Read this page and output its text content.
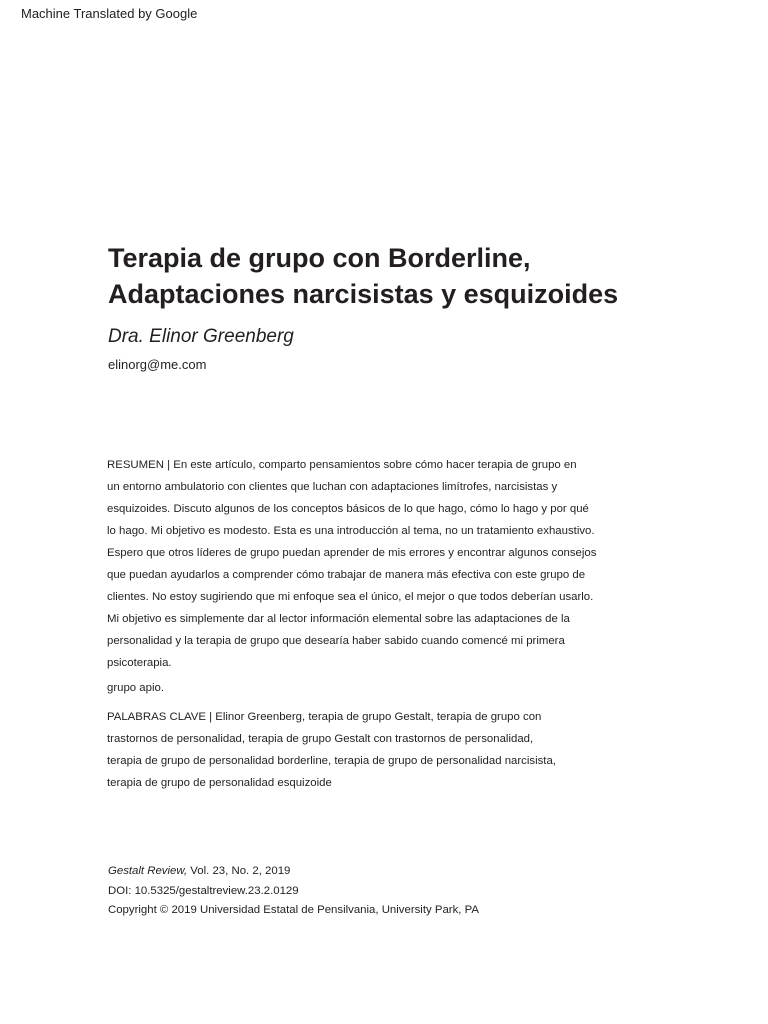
Machine Translated by Google
Terapia de grupo con Borderline,
Adaptaciones narcisistas y esquizoides
Dra. Elinor Greenberg
elinorg@me.com
RESUMEN | En este artículo, comparto pensamientos sobre cómo hacer terapia de grupo en
un entorno ambulatorio con clientes que luchan con adaptaciones limítrofes, narcisistas y
esquizoides. Discuto algunos de los conceptos básicos de lo que hago, cómo lo hago y por qué
lo hago. Mi objetivo es modesto. Esta es una introducción al tema, no un tratamiento exhaustivo.
Espero que otros líderes de grupo puedan aprender de mis errores y encontrar algunos consejos
que puedan ayudarlos a comprender cómo trabajar de manera más efectiva con este grupo de
clientes. No estoy sugiriendo que mi enfoque sea el único, el mejor o que todos deberían usarlo.
Mi objetivo es simplemente dar al lector información elemental sobre las adaptaciones de la
personalidad y la terapia de grupo que desearía haber sabido cuando comencé mi primera
psicoterapia.
grupo apio.
PALABRAS CLAVE | Elinor Greenberg, terapia de grupo Gestalt, terapia de grupo con
trastornos de personalidad, terapia de grupo Gestalt con trastornos de personalidad,
terapia de grupo de personalidad borderline, terapia de grupo de personalidad narcisista,
terapia de grupo de personalidad esquizoide
Gestalt Review, Vol. 23, No. 2, 2019
DOI: 10.5325/gestaltreview.23.2.0129
Copyright © 2019 Universidad Estatal de Pensilvania, University Park, PA
